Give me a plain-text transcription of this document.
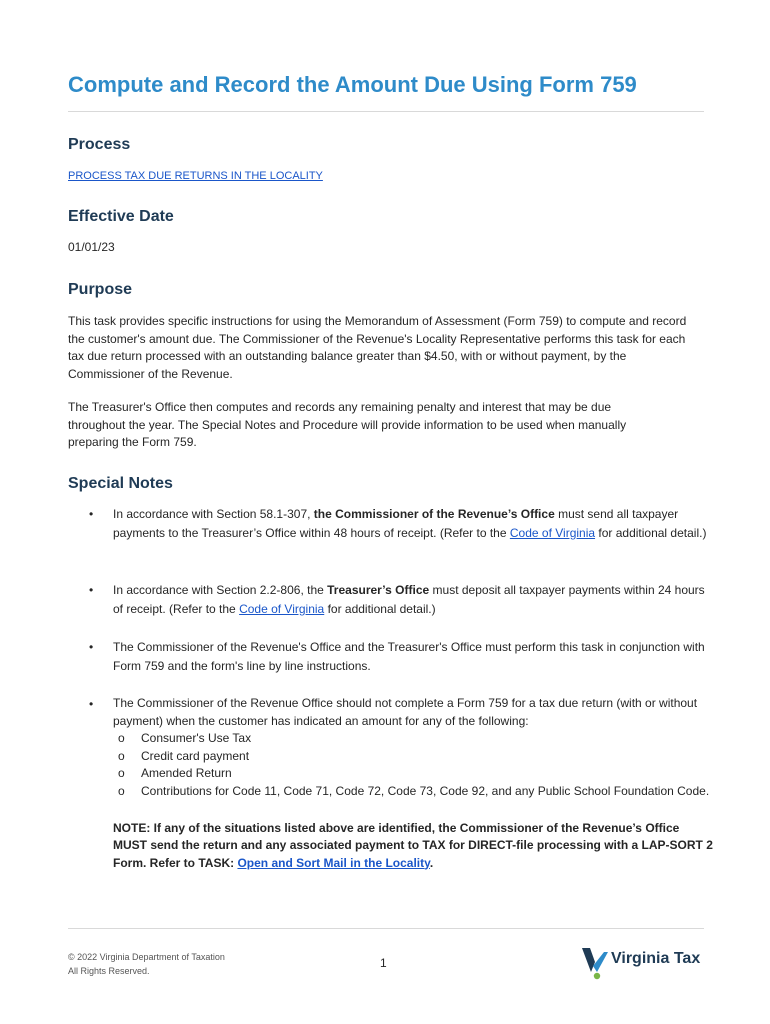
Compute and Record the Amount Due Using Form 759
Process
PROCESS TAX DUE RETURNS IN THE LOCALITY
Effective Date
01/01/23
Purpose
This task provides specific instructions for using the Memorandum of Assessment (Form 759) to compute and record the customer's amount due. The Commissioner of the Revenue's Locality Representative performs this task for each tax due return processed with an outstanding balance greater than $4.50, with or without payment, by the Commissioner of the Revenue.
The Treasurer's Office then computes and records any remaining penalty and interest that may be due throughout the year. The Special Notes and Procedure will provide information to be used when manually preparing the Form 759.
Special Notes
• In accordance with Section 58.1-307, the Commissioner of the Revenue’s Office must send all taxpayer payments to the Treasurer’s Office within 48 hours of receipt. (Refer to the Code of Virginia for additional detail.)
• In accordance with Section 2.2-806, the Treasurer’s Office must deposit all taxpayer payments within 24 hours of receipt. (Refer to the Code of Virginia for additional detail.)
• The Commissioner of the Revenue's Office and the Treasurer's Office must perform this task in conjunction with Form 759 and the form's line by line instructions.
• The Commissioner of the Revenue Office should not complete a Form 759 for a tax due return (with or without payment) when the customer has indicated an amount for any of the following:
o Consumer's Use Tax
o Credit card payment
o Amended Return
o Contributions for Code 11, Code 71, Code 72, Code 73, Code 92, and any Public School Foundation Code.
NOTE: If any of the situations listed above are identified, the Commissioner of the Revenue’s Office MUST send the return and any associated payment to TAX for DIRECT-file processing with a LAP-SORT 2 Form. Refer to TASK: Open and Sort Mail in the Locality.
© 2022 Virginia Department of Taxation
All Rights Reserved.
1	Virginia Tax
